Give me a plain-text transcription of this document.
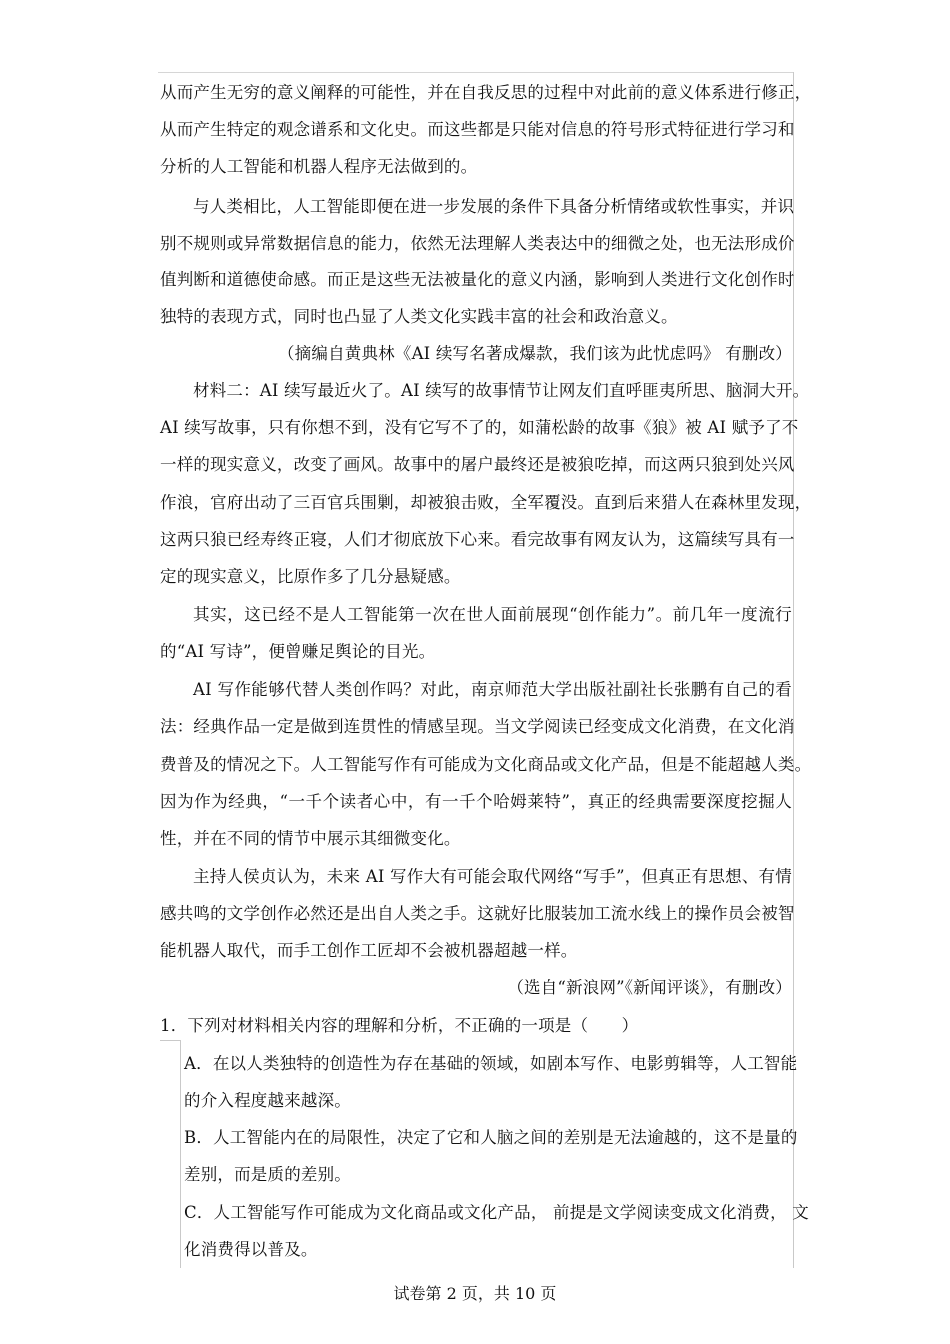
从而产生无穷的意义阐释的可能性，并在自我反思的过程中对此前的意义体系进行修正，
从而产生特定的观念谱系和文化史。而这些都是只能对信息的符号形式特征进行学习和
分析的人工智能和机器人程序无法做到的。
与人类相比，人工智能即便在进一步发展的条件下具备分析情绪或软性事实，并识
别不规则或异常数据信息的能力，依然无法理解人类表达中的细微之处，也无法形成价
值判断和道德使命感。而正是这些无法被量化的意义内涵，影响到人类进行文化创作时
独特的表现方式，同时也凸显了人类文化实践丰富的社会和政治意义。
（摘编自黄典林《AI 续写名著成爆款，我们该为此忧虑吗》 有删改）
材料二：AI 续写最近火了。AI 续写的故事情节让网友们直呼匪夷所思、脑洞大开。
AI 续写故事，只有你想不到，没有它写不了的，如蒲松龄的故事《狼》被 AI 赋予了不
一样的现实意义，改变了画风。故事中的屠户最终还是被狼吃掉，而这两只狼到处兴风
作浪，官府出动了三百官兵围剿，却被狼击败，全军覆没。直到后来猎人在森林里发现，
这两只狼已经寿终正寝，人们才彻底放下心来。看完故事有网友认为，这篇续写具有一
定的现实意义，比原作多了几分悬疑感。
其实，这已经不是人工智能第一次在世人面前展现“创作能力”。前几年一度流行
的“AI 写诗”，便曾赚足舆论的目光。
AI 写作能够代替人类创作吗？对此，南京师范大学出版社副社长张鹏有自己的看
法：经典作品一定是做到连贯性的情感呈现。当文学阅读已经变成文化消费，在文化消
费普及的情况之下。人工智能写作有可能成为文化商品或文化产品，但是不能超越人类。
因为作为经典，“一千个读者心中，有一千个哈姆莱特”，真正的经典需要深度挖掘人
性，并在不同的情节中展示其细微变化。
主持人侯贞认为，未来 AI 写作大有可能会取代网络“写手”，但真正有思想、有情
感共鸣的文学创作必然还是出自人类之手。这就好比服装加工流水线上的操作员会被智
能机器人取代，而手工创作工匠却不会被机器超越一样。
（选自“新浪网”《新闻评谈》，有删改）
1．下列对材料相关内容的理解和分析，不正确的一项是（　　）
A．在以人类独特的创造性为存在基础的领域，如剧本写作、电影剪辑等，人工智能
的介入程度越来越深。
B．人工智能内在的局限性，决定了它和人脑之间的差别是无法逾越的，这不是量的
差别，而是质的差别。
C．人工智能写作可能成为文化商品或文化产品， 前提是文学阅读变成文化消费， 文
化消费得以普及。
试卷第 2 页，共 10 页
